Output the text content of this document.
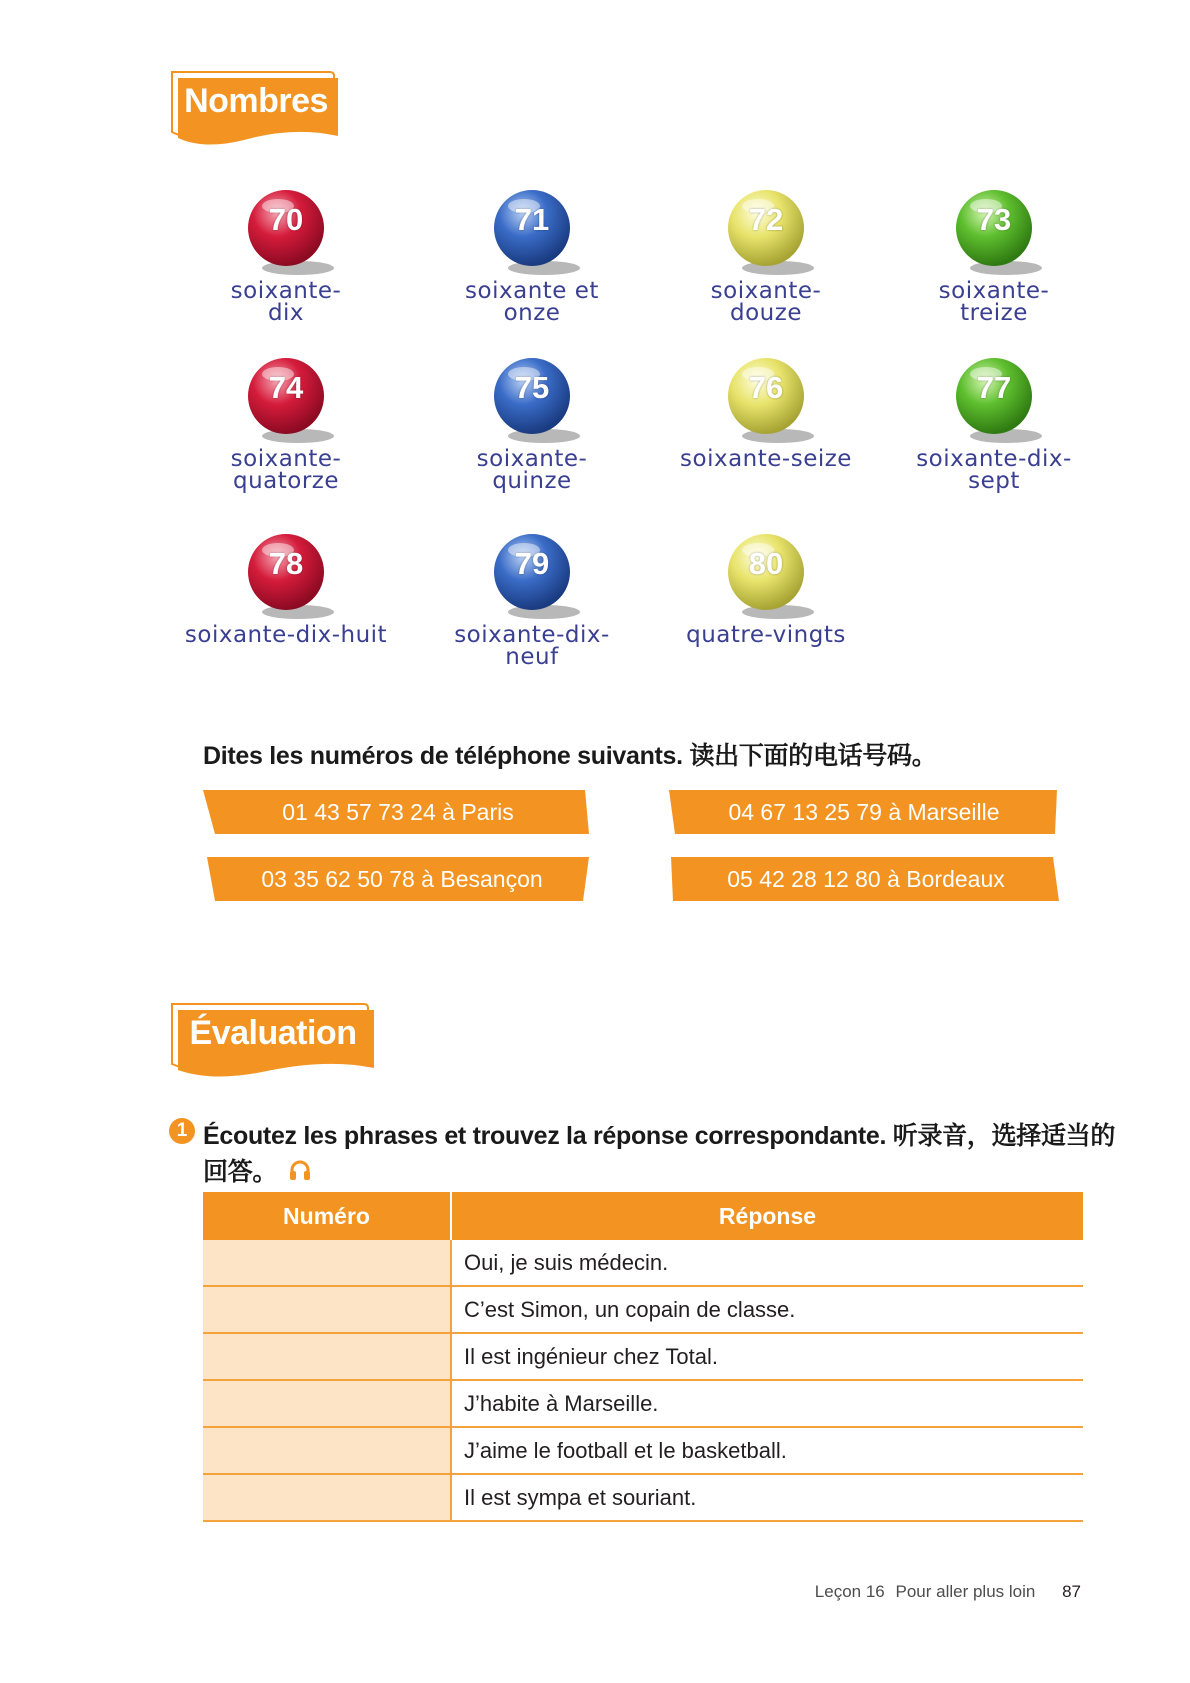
Nombres
70
soixante-
dix
71
soixante et
onze
72
soixante-
douze
73
soixante-
treize
74
soixante-
quatorze
75
soixante-
quinze
76
soixante-seize
77
soixante-dix-
sept
78
soixante-dix-huit
79
soixante-dix-
neuf
80
quatre-vingts
Dites les numéros de téléphone suivants. 读出下面的电话号码。
01 43 57 73 24 à Paris	04 67 13 25 79 à Marseille
03 35 62 50 78 à Besançon	05 42 28 12 80 à Bordeaux
Évaluation
1 Écoutez les phrases et trouvez la réponse correspondante. 听录音，选择适当的
回答。
Numéro	Réponse
	Oui, je suis médecin.
	C’est Simon, un copain de classe.
	Il est ingénieur chez Total.
	J’habite à Marseille.
	J’aime le football et le basketball.
	Il est sympa et souriant.
Leçon 16 Pour aller plus loin 87
